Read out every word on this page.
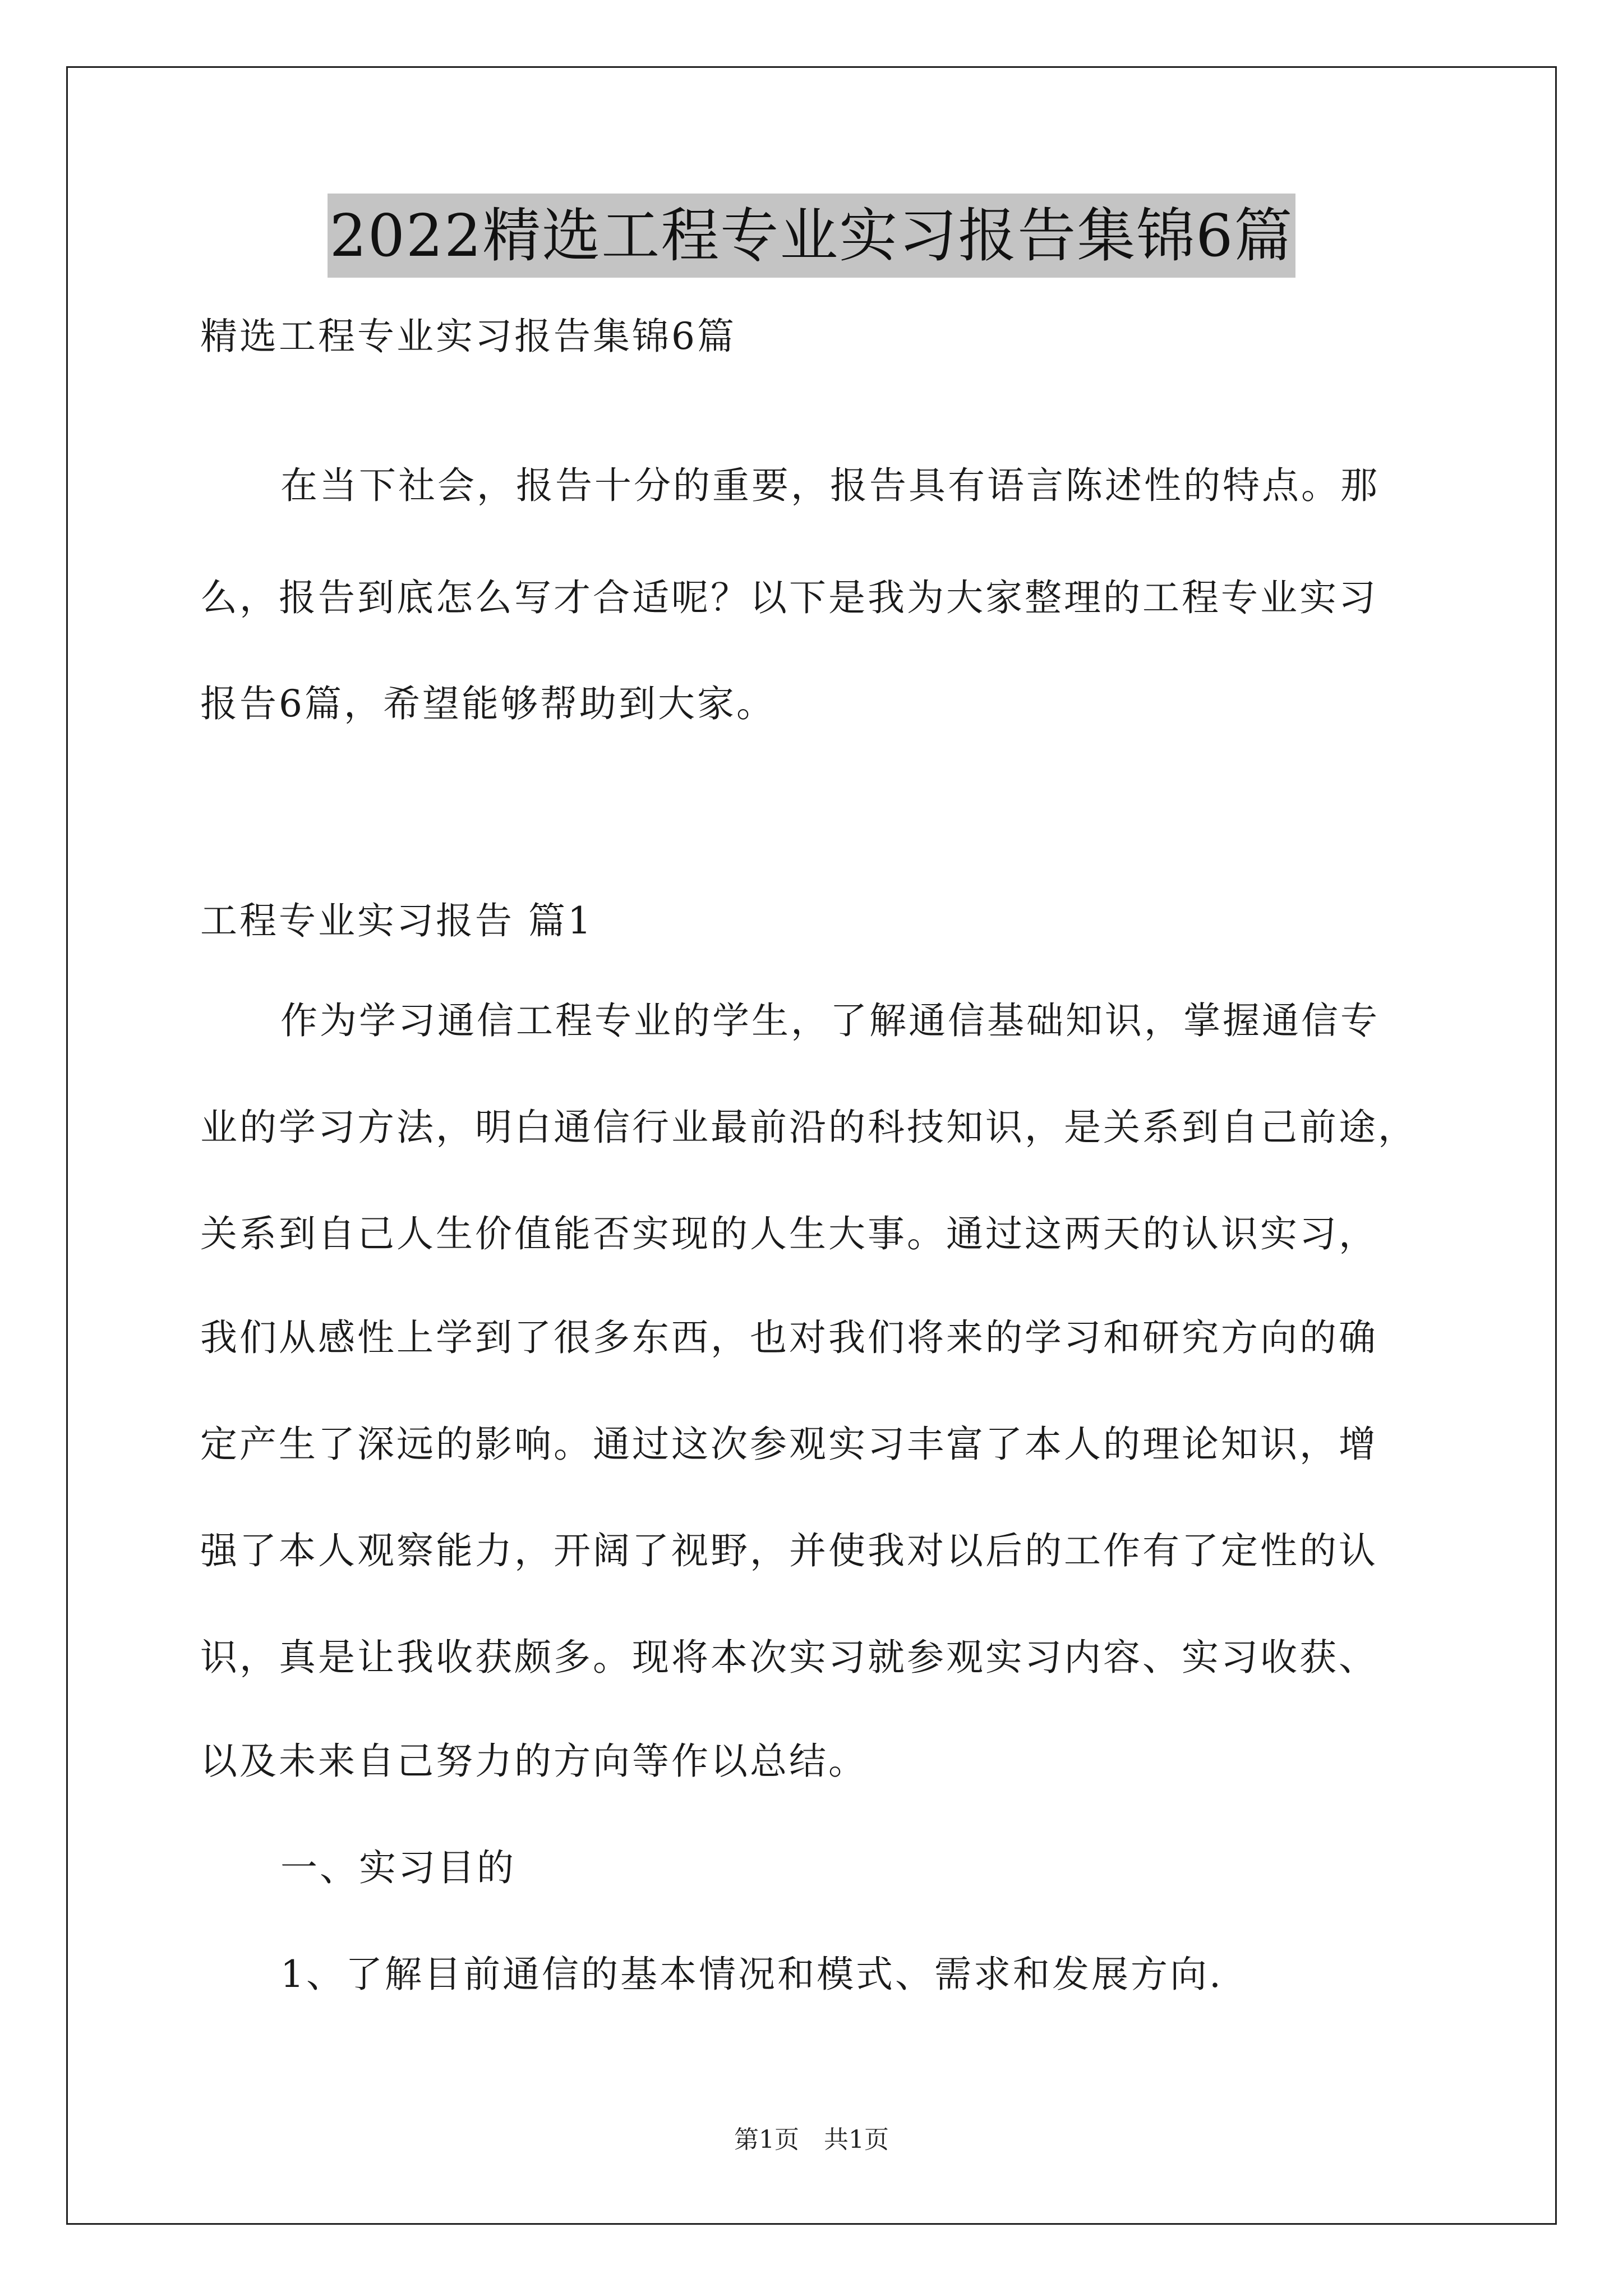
2022精选工程专业实习报告集锦6篇
精选工程专业实习报告集锦6篇
在当下社会，报告十分的重要，报告具有语言陈述性的特点。那
么，报告到底怎么写才合适呢？以下是我为大家整理的工程专业实习
报告6篇，希望能够帮助到大家。
工程专业实习报告 篇1
作为学习通信工程专业的学生，了解通信基础知识，掌握通信专
业的学习方法，明白通信行业最前沿的科技知识，是关系到自己前途，
关系到自己人生价值能否实现的人生大事。通过这两天的认识实习，
我们从感性上学到了很多东西，也对我们将来的学习和研究方向的确
定产生了深远的影响。通过这次参观实习丰富了本人的理论知识，增
强了本人观察能力，开阔了视野，并使我对以后的工作有了定性的认
识，真是让我收获颇多。现将本次实习就参观实习内容、实习收获、
以及未来自己努力的方向等作以总结。
一、实习目的
1、了解目前通信的基本情况和模式、需求和发展方向.
第1页　共1页
